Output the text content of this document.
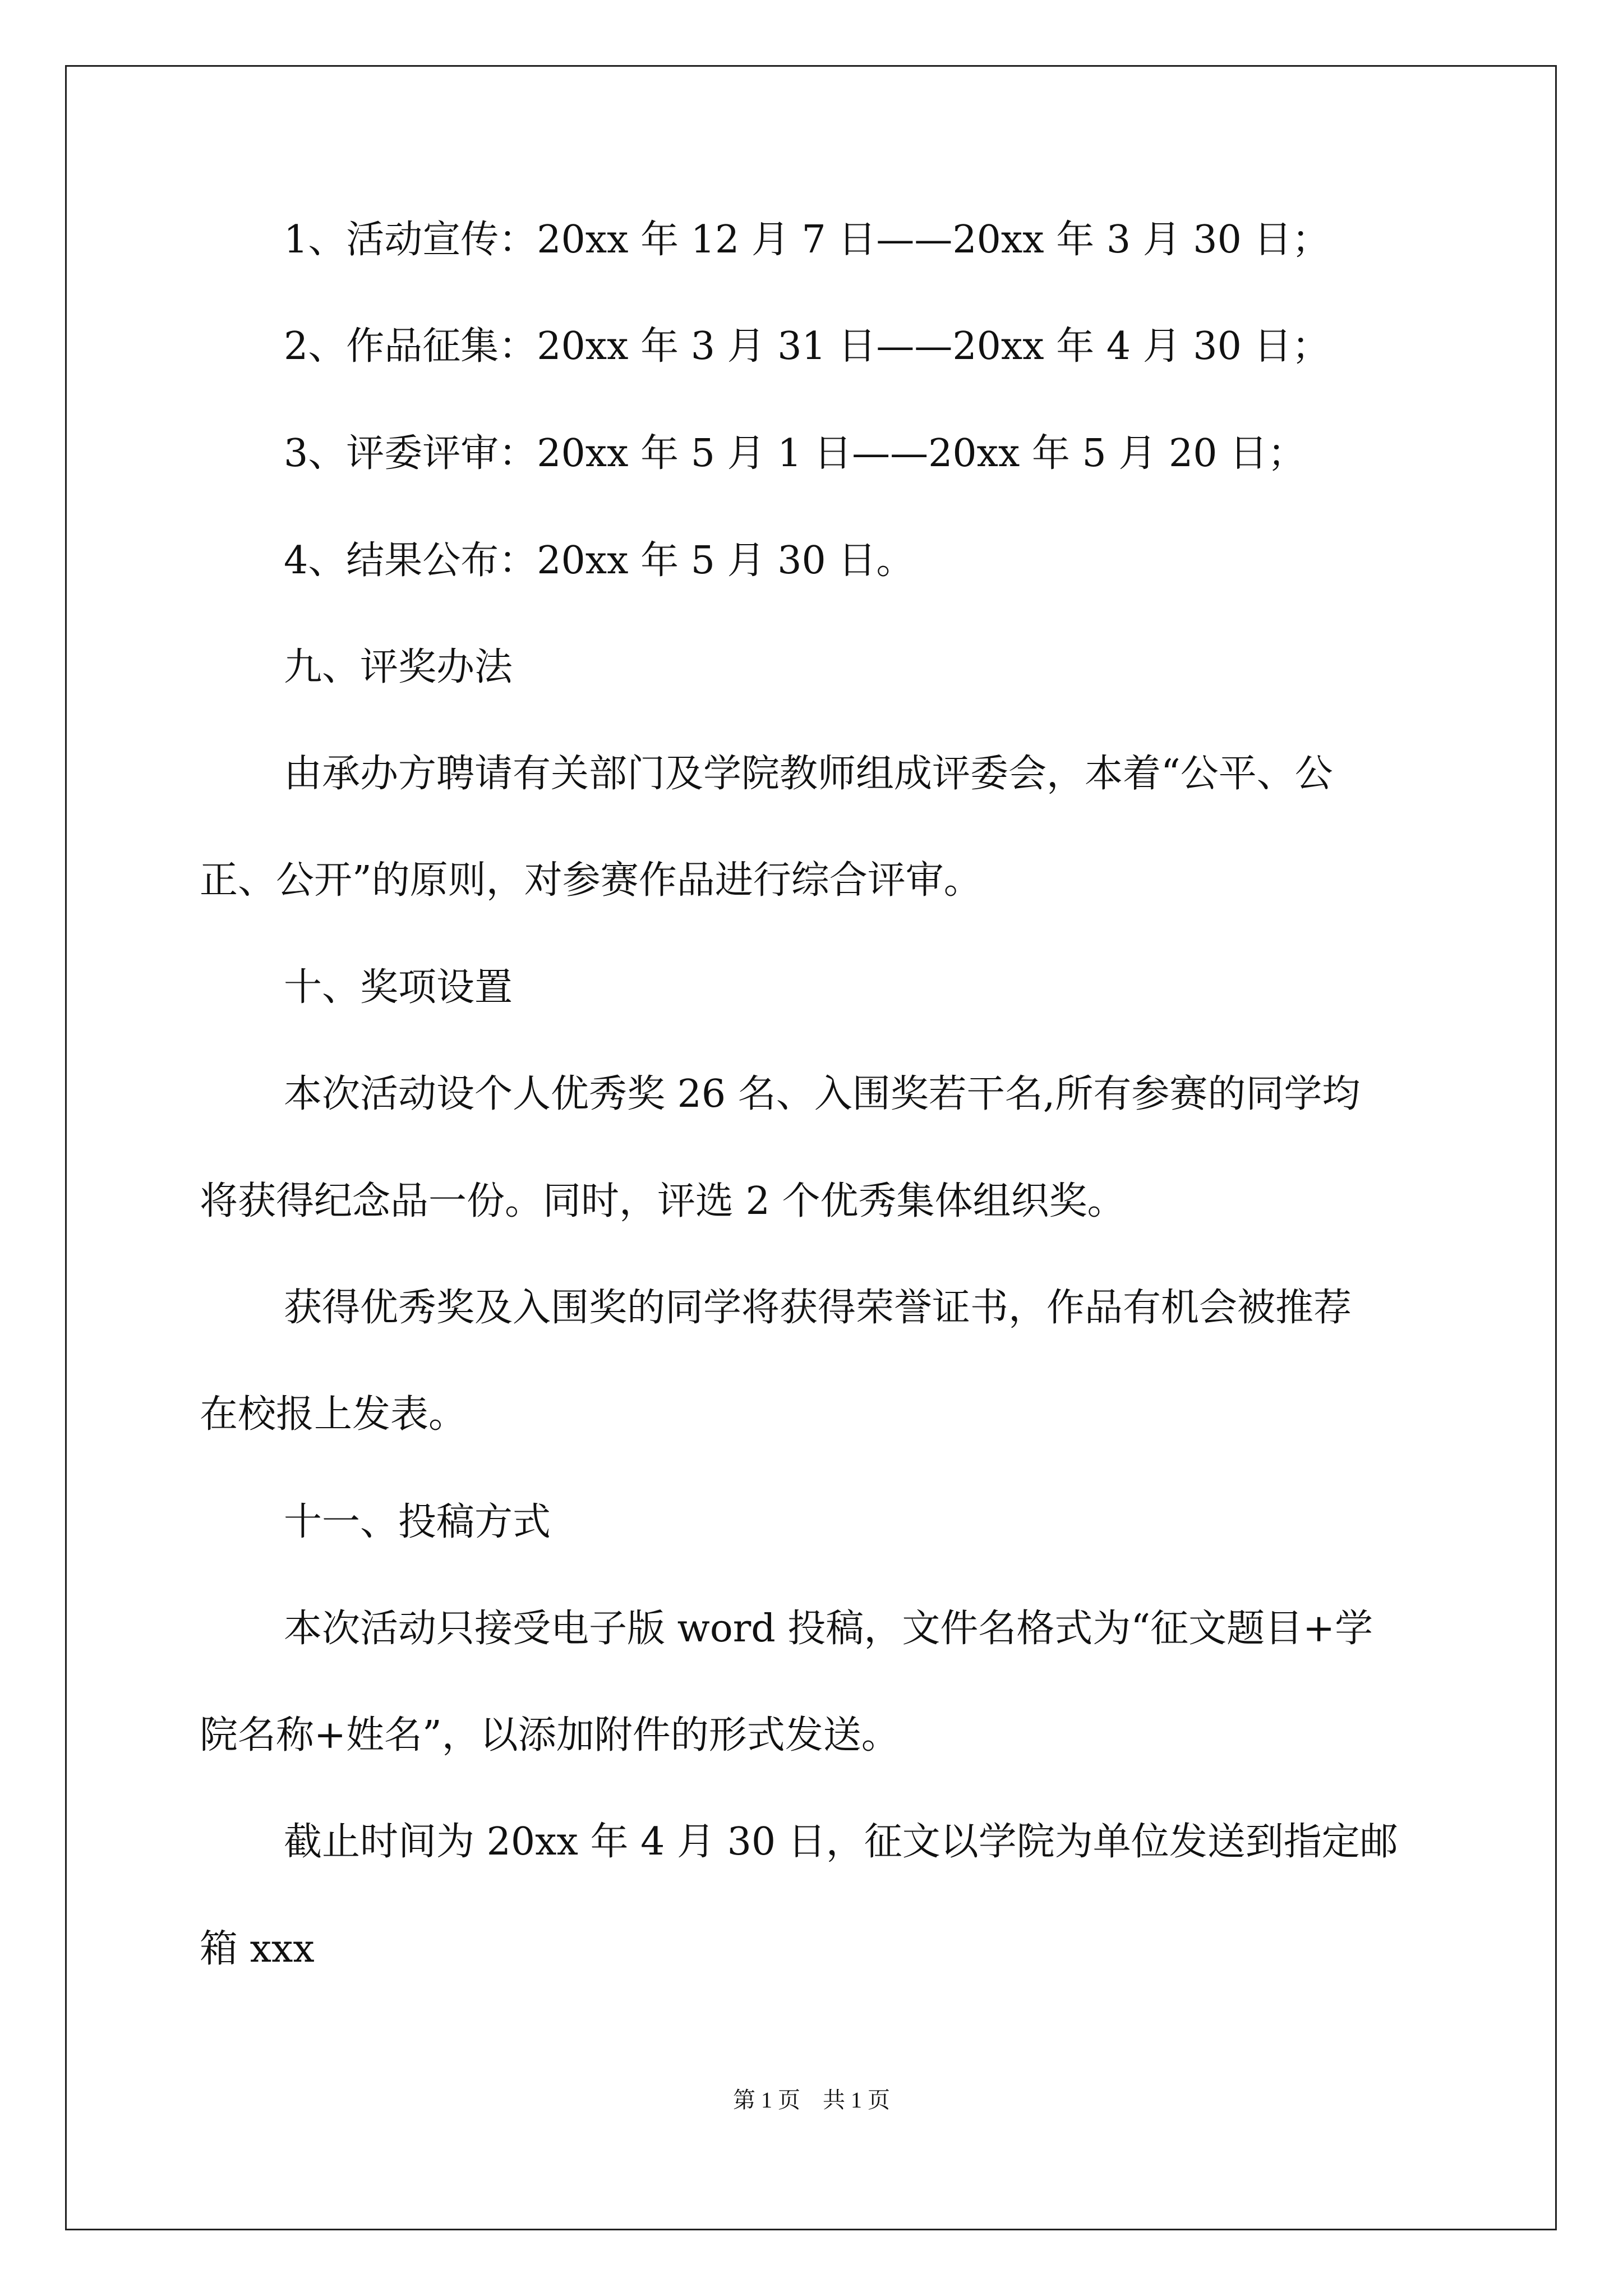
1、活动宣传：20xx 年 12 月 7 日——20xx 年 3 月 30 日；
2、作品征集：20xx 年 3 月 31 日——20xx 年 4 月 30 日；
3、评委评审：20xx 年 5 月 1 日——20xx 年 5 月 20 日；
4、结果公布：20xx 年 5 月 30 日。
九、评奖办法
由承办方聘请有关部门及学院教师组成评委会，本着“公平、公
正、公开”的原则，对参赛作品进行综合评审。
十、奖项设置
本次活动设个人优秀奖 26 名、入围奖若干名,所有参赛的同学均
将获得纪念品一份。同时，评选 2 个优秀集体组织奖。
获得优秀奖及入围奖的同学将获得荣誉证书，作品有机会被推荐
在校报上发表。
十一、投稿方式
本次活动只接受电子版 word 投稿，文件名格式为“征文题目+学
院名称+姓名”，以添加附件的形式发送。
截止时间为 20xx 年 4 月 30 日，征文以学院为单位发送到指定邮
箱 xxx
第 1 页　共 1 页
